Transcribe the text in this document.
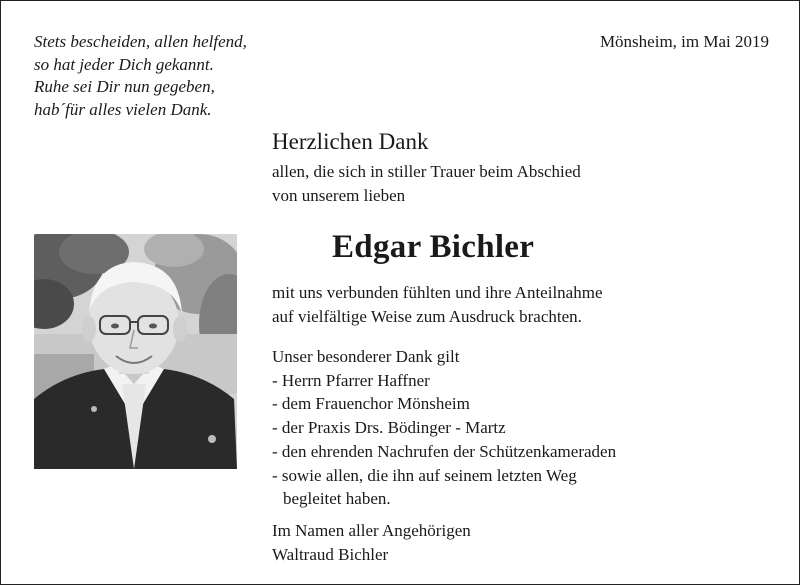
Stets bescheiden, allen helfend,
so hat jeder Dich gekannt.
Ruhe sei Dir nun gegeben,
hab´für alles vielen Dank.
Mönsheim, im Mai 2019
Herzlichen Dank
allen, die sich in stiller Trauer beim Abschied
von unserem lieben
Edgar Bichler
mit uns verbunden fühlten und ihre Anteilnahme
auf vielfältige Weise zum Ausdruck brachten.
Unser besonderer Dank gilt
- Herrn Pfarrer Haffner
- dem Frauenchor Mönsheim
- der Praxis Drs. Bödinger - Martz
- den ehrenden Nachrufen der Schützenkameraden
- sowie allen, die ihn auf seinem letzten Weg
begleitet haben.
Im Namen aller Angehörigen
Waltraud Bichler
